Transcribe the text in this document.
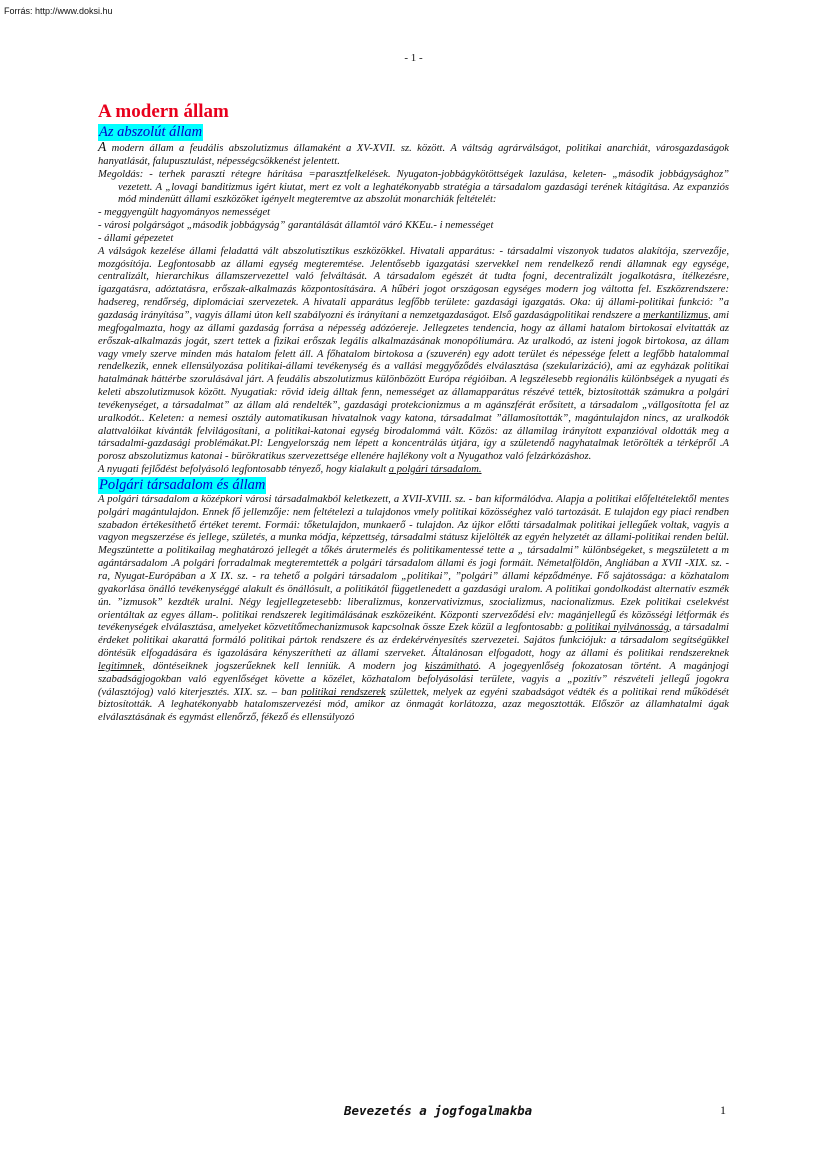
Forrás: http://www.doksi.hu
- 1 -
A modern állam
Az abszolút állam

A modern állam a feudális abszolutizmus államaként a XV-XVII. sz. között. A váltság agrárválságot, politikai anarchiát, városgazdaságok hanyatlását, falupusztulást, népességcsökkenést jelentett.

Megoldás: - terhek paraszti rétegre hárítása =parasztfelkelések. Nyugaton-jobbágykötöttségek lazulása, keleten- „második jobbágysághoz” vezetett. A „lovagi banditizmus igért kiutat, mert ez volt a leghatékonyabb stratégia a társadalom gazdasági terének kitágítása. Az expanziós mód mindenütt állami eszközöket igényelt megteremtve az abszolút monarchiák feltételét:

- meggyengült hagyományos nemességet

- városi polgárságot „második jobbágyság” garantálását államtól váró KKEu.- i nemességet

- állami gépezetet

A válságok kezelése állami feladattá vált abszolutisztikus eszközökkel. Hivatali apparátus: - társadalmi viszonyok tudatos alakítója, szervezője, mozgósítója. Legfontosabb az állami egység megteremtése. Jelentősebb igazgatási szervekkel nem rendelkező rendi államnak egy egysége, centralizált, hierarchikus államszervezettel való felváltását. A társadalom egészét át tudta fogni, decentralizált jogalkotásra, ítélkezésre, igazgatásra, adóztatásra, erőszak-alkalmazás központosítására. A hűbéri jogot országosan egységes modern jog váltotta fel. Eszközrendszere: hadsereg, rendőrség, diplomáciai szervezetek. A hivatali apparátus legfőbb területe: gazdasági igazgatás. Oka: új állami-politikai funkció: ”a gazdaság irányítása”, vagyis állami úton kell szabályozni és irányítani a nemzetgazdaságot. Első gazdaságpolitikai rendszere a merkantilizmus, ami megfogalmazta, hogy az állami gazdaság forrása a népesség adózóereje. Jellegzetes tendencia, hogy az állami hatalom birtokosai elvitatták az erőszak-alkalmazás jogát, szert tettek a fizikai erőszak legális alkalmazásának monopóliumára. Az uralkodó, az isteni jogok birtokosa, az állam vagy vmely szerve minden más hatalom felett áll. A főhatalom birtokosa a (szuverén) egy adott terület és népessége felett a legfőbb hatalommal rendelkezik, ennek ellensúlyozása politikai-állami tevékenység és a vallási meggyőződés elválasztása (szekularizáció), ami az egyházak politikai hatalmának háttérbe szorulásával járt. A feudális abszolutizmus különbözött Európa régióiban. A legszélesebb regionális különbségek a nyugati és keleti abszolutizmusok között. Nyugatiak: rövid ideig álltak fenn, nemességet az államapparátus részévé tették, biztosították számukra a polgári tevékenységet, a társadalmat” az állam alá rendelték”, gazdasági protekcionizmus a m agánszférát erősített, a társadalom „vállgosította fel az uralkodót.. Keleten: a nemesi osztály automatikusan hivatalnok vagy katona, társadalmat ”államosították”, magántulajdon nincs, az uralkodók alattvalóikat kívánták felvilágosítani, a politikai-katonai egység birodalommá vált. Közös: az államilag irányított expanzióval oldották meg a társadalmi-gazdasági problémákat.Pl: Lengyelország nem lépett a koncentrálás útjára, így a születendő nagyhatalmak letörölték a térképről .A porosz abszolutizmus katonai - bürökratikus szervezettsége ellenére hajlékony volt a Nyugathoz való felzárkózáshoz.

A nyugati fejlődést befolyásoló legfontosabb tényező, hogy kialakult a polgári társadalom.

Polgári társadalom és állam

A polgári társadalom a középkori városi társadalmakból keletkezett, a XVII-XVIII. sz. - ban kiformálódva. Alapja a politikai előfeltételektől mentes polgári magántulajdon. Ennek fő jellemzője: nem feltételezi a tulajdonos vmely politikai közösséghez való tartozását. E tulajdon egy piaci rendben szabadon értékesíthető értéket teremt. Formái: tőketulajdon, munkaerő - tulajdon. Az újkor előtti társadalmak politikai jellegűek voltak, vagyis a vagyon megszerzése és jellege, születés, a munka módja, képzettség, társadalmi státusz kijelölték az egyén helyzetét az állami-politikai renden belül. Megszüntette a politikailag meghatározó jellegét a tőkés árutermelés és politikamentessé tette a „ társadalmi” különbségeket, s megszületett a m agántársadalom .A polgári forradalmak megteremtették a polgári társadalom állami és jogi formáit. Németalföldön, Angliában a XVII -XIX. sz. - ra, Nyugat-Európában a X IX. sz. - ra tehető a polgári társadalom „politikai”, ”polgári” állami képződménye. Fő sajátossága: a közhatalom gyakorlása önálló tevékenységgé alakult és önállósult, a politikától függetlenedett a gazdasági uralom. A politikai gondolkodást alternatív eszmék ún. ”izmusok” kezdték uralni. Négy legjellegzetesebb: liberalizmus, konzervativizmus, szocializmus, nacionalizmus. Ezek politikai cselekvést orientáltak az egyes állam-. politikai rendszerek legitimálásának eszközeiként. Központi szerveződési elv: magánjellegű és közösségi létformák és tevékenységek elválasztása, amelyeket közvetítőmechanizmusok kapcsolnak össze Ezek közül a legfontosabb: a politikai nyilvánosság, a társadalmi érdeket politikai akarattá formáló politikai pártok rendszere és az érdekérvényesítés szervezetei. Sajátos funkciójuk: a társadalom segítségükkel döntésük elfogadására és igazolására kényszerítheti az állami szerveket. Általánosan elfogadott, hogy az állami és politikai rendszereknek legitimnek, döntéseiknek jogszerűeknek kell lenniük. A modern jog kiszámítható. A jogegyenlőség fokozatosan történt. A magánjogi szabadságjogokban való egyenlőséget követte a közélet, közhatalom befolyásolási területe, vagyis a „pozitív” részvételi jellegű jogokra (választójog) való kiterjesztés. XIX. sz. – ban politikai rendszerek születtek, melyek az egyéni szabadságot védték és a politikai rend működését biztosították. A leghatékonyabb hatalomszervezési mód, amikor az önmagát korlátozza, azaz megosztották. Először az államhatalmi ágak elválasztásának és egymást ellenőrző, fékező és ellensúlyozó

Bevezetés a jogfogalmakba	1
